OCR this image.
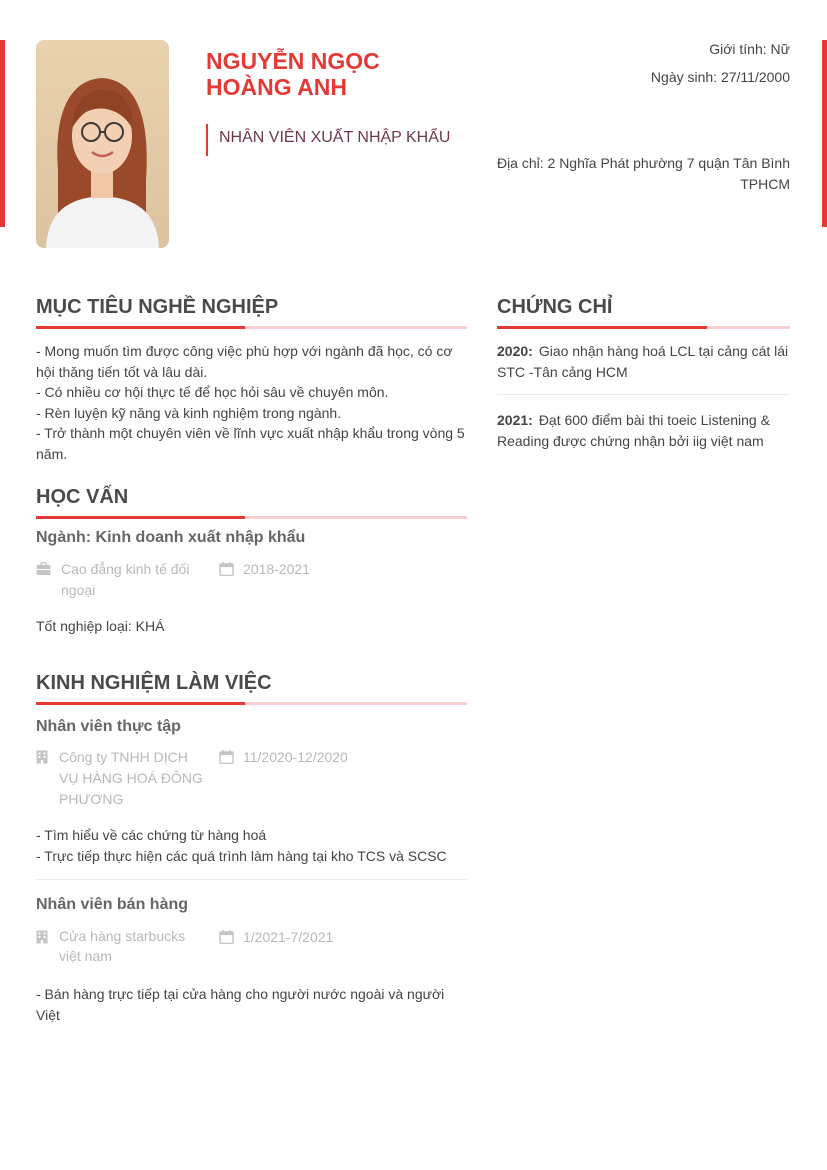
NGUYỄN NGỌC HOÀNG ANH
NHÂN VIÊN XUẤT NHẬP KHẨU
Giới tính: Nữ
Ngày sinh: 27/11/2000
Địa chỉ: 2 Nghĩa Phát phường 7 quận Tân Bình TPHCM
MỤC TIÊU NGHỀ NGHIỆP
- Mong muốn tìm được công việc phù hợp với ngành đã học, có cơ hội thăng tiến tốt và lâu dài.
- Có nhiều cơ hội thực tế để học hỏi sâu về chuyên môn.
- Rèn luyện kỹ năng và kinh nghiệm trong ngành.
- Trở thành một chuyên viên về lĩnh vực xuất nhập khẩu trong vòng 5 năm.
HỌC VẤN
Ngành: Kinh doanh xuất nhập khẩu
Cao đẳng kinh tế đối ngoại
2018-2021
Tốt nghiệp loại: KHÁ
KINH NGHIỆM LÀM VIỆC
Nhân viên thực tập
Công ty TNHH DỊCH VỤ HÀNG HOÁ ĐÔNG PHƯƠNG
11/2020-12/2020
- Tìm hiểu về các chứng từ hàng hoá
- Trực tiếp thực hiện các quá trình làm hàng tại kho TCS và SCSC
Nhân viên bán hàng
Cửa hàng starbucks việt nam
1/2021-7/2021
- Bán hàng trực tiếp tại cửa hàng cho người nước ngoài và người Việt
CHỨNG CHỈ
2020: Giao nhận hàng hoá LCL tại cảng cát lái STC -Tân cảng HCM
2021: Đạt 600 điểm bài thi toeic Listening & Reading được chứng nhận bởi iig việt nam
